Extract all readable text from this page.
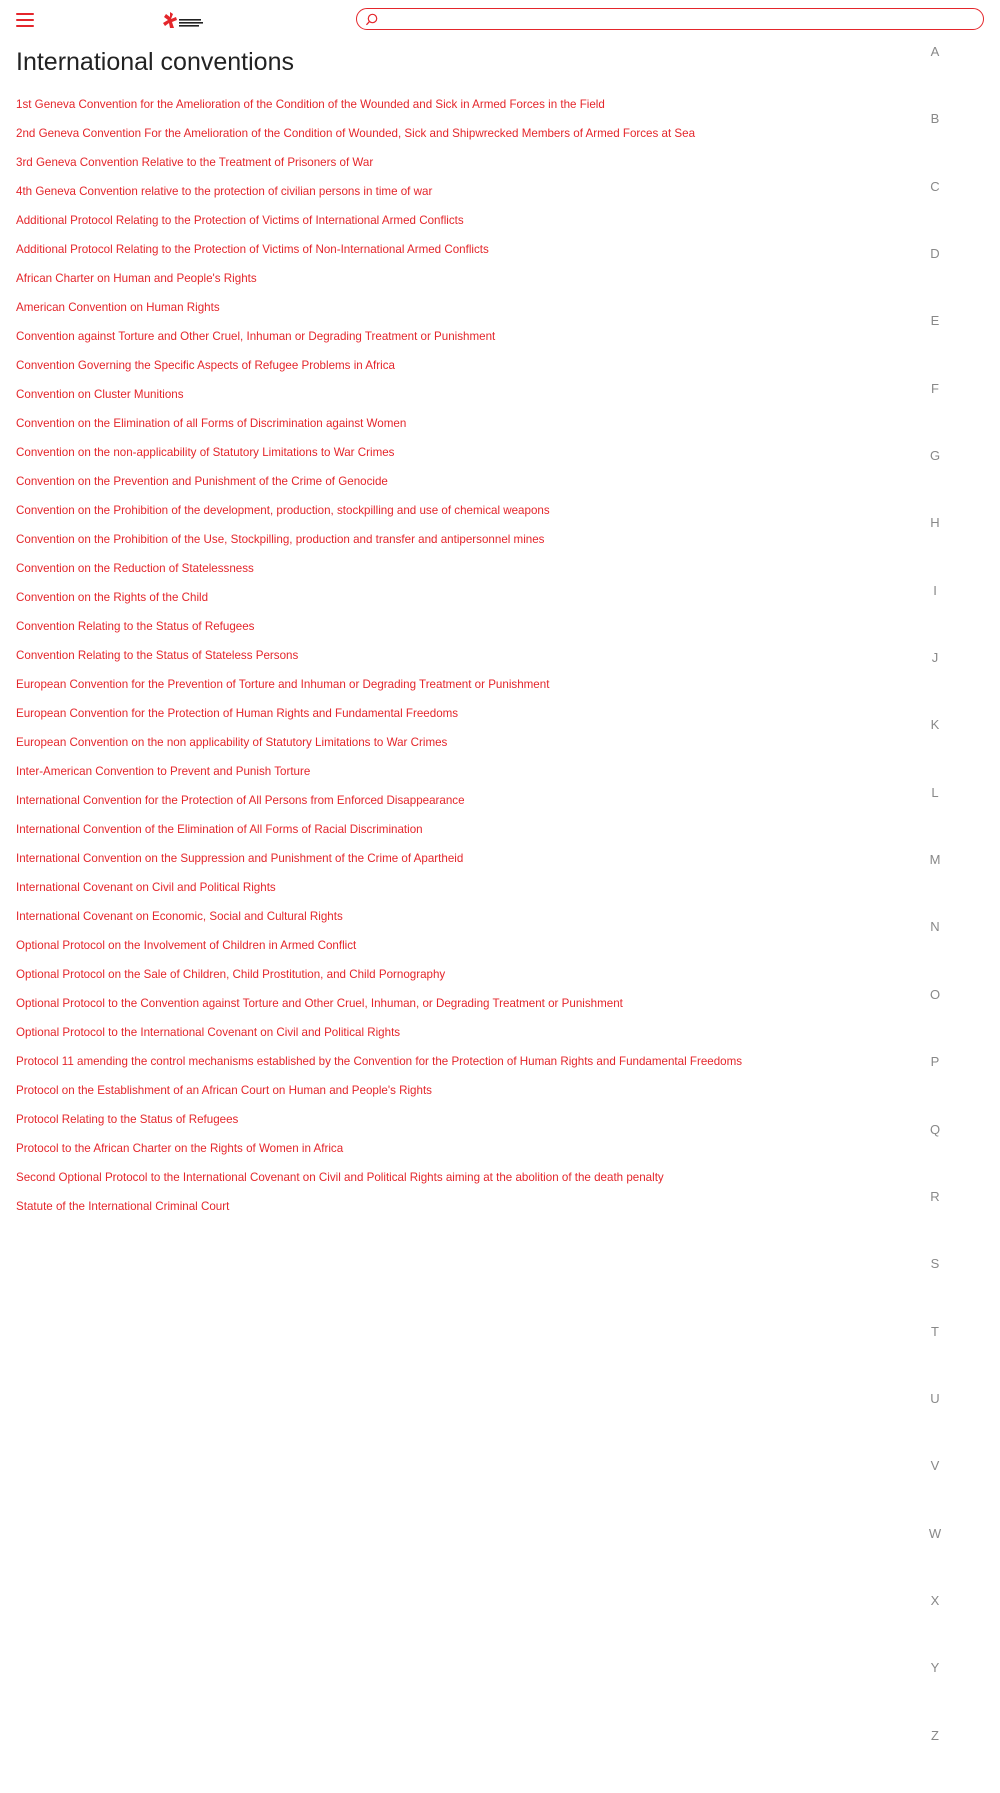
International conventions
1st Geneva Convention for the Amelioration of the Condition of the Wounded and Sick in Armed Forces in the Field
2nd Geneva Convention For the Amelioration of the Condition of Wounded, Sick and Shipwrecked Members of Armed Forces at Sea
3rd Geneva Convention Relative to the Treatment of Prisoners of War
4th Geneva Convention relative to the protection of civilian persons in time of war
Additional Protocol Relating to the Protection of Victims of International Armed Conflicts
Additional Protocol Relating to the Protection of Victims of Non-International Armed Conflicts
African Charter on Human and People's Rights
American Convention on Human Rights
Convention against Torture and Other Cruel, Inhuman or Degrading Treatment or Punishment
Convention Governing the Specific Aspects of Refugee Problems in Africa
Convention on Cluster Munitions
Convention on the Elimination of all Forms of Discrimination against Women
Convention on the non-applicability of Statutory Limitations to War Crimes
Convention on the Prevention and Punishment of the Crime of Genocide
Convention on the Prohibition of the development, production, stockpilling and use of chemical weapons
Convention on the Prohibition of the Use, Stockpilling, production and transfer and antipersonnel mines
Convention on the Reduction of Statelessness
Convention on the Rights of the Child
Convention Relating to the Status of Refugees
Convention Relating to the Status of Stateless Persons
European Convention for the Prevention of Torture and Inhuman or Degrading Treatment or Punishment
European Convention for the Protection of Human Rights and Fundamental Freedoms
European Convention on the non applicability of Statutory Limitations to War Crimes
Inter-American Convention to Prevent and Punish Torture
International Convention for the Protection of All Persons from Enforced Disappearance
International Convention of the Elimination of All Forms of Racial Discrimination
International Convention on the Suppression and Punishment of the Crime of Apartheid
International Covenant on Civil and Political Rights
International Covenant on Economic, Social and Cultural Rights
Optional Protocol on the Involvement of Children in Armed Conflict
Optional Protocol on the Sale of Children, Child Prostitution, and Child Pornography
Optional Protocol to the Convention against Torture and Other Cruel, Inhuman, or Degrading Treatment or Punishment
Optional Protocol to the International Covenant on Civil and Political Rights
Protocol 11 amending the control mechanisms established by the Convention for the Protection of Human Rights and Fundamental Freedoms
Protocol on the Establishment of an African Court on Human and People's Rights
Protocol Relating to the Status of Refugees
Protocol to the African Charter on the Rights of Women in Africa
Second Optional Protocol to the International Covenant on Civil and Political Rights aiming at the abolition of the death penalty
Statute of the International Criminal Court
A
B
C
D
E
F
G
H
I
J
K
L
M
N
O
P
Q
R
S
T
U
V
W
X
Y
Z
